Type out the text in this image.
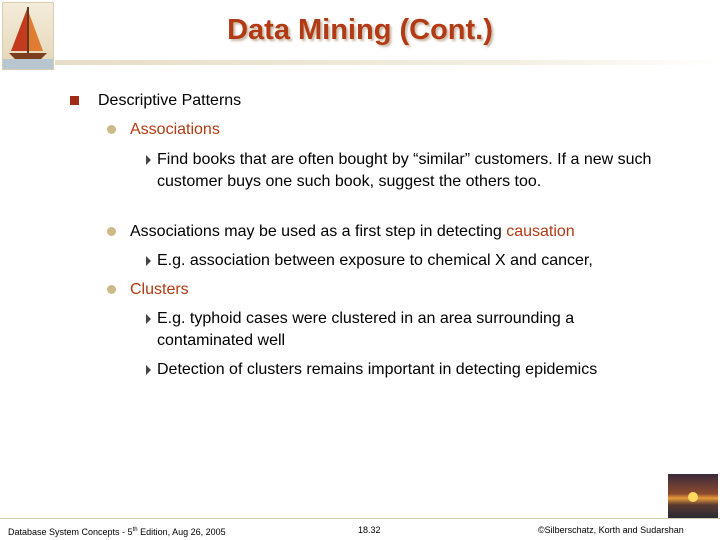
Data Mining (Cont.)
Descriptive Patterns
Associations
Find books that are often bought by “similar” customers. If a new such customer buys one such book, suggest the others too.
Associations may be used as a first step in detecting causation
E.g. association between exposure to chemical X and cancer,
Clusters
E.g. typhoid cases were clustered in an area surrounding a contaminated well
Detection of clusters remains important in detecting epidemics
Database System Concepts - 5th Edition, Aug 26, 2005	18.32	©Silberschatz, Korth and Sudarshan
